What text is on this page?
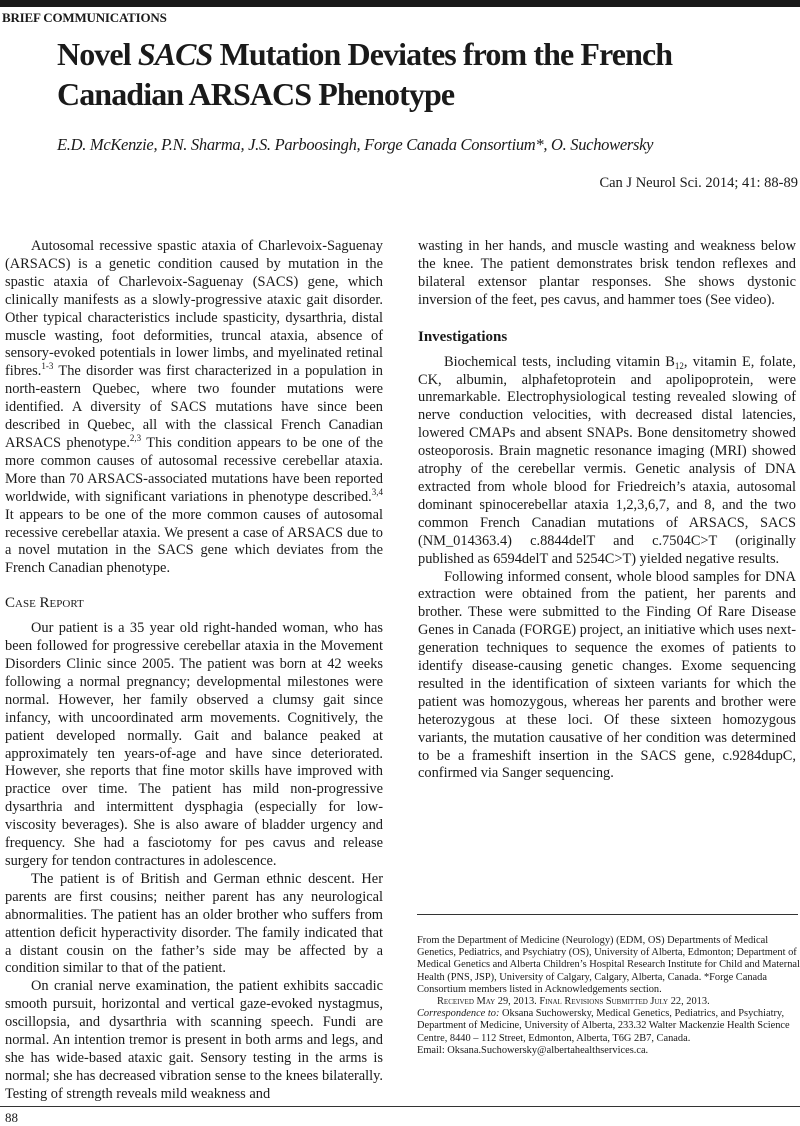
BRIEF COMMUNICATIONS
Novel SACS Mutation Deviates from the French Canadian ARSACS Phenotype
E.D. McKenzie, P.N. Sharma, J.S. Parboosingh, Forge Canada Consortium*, O. Suchowersky
Can J Neurol Sci. 2014; 41: 88-89

Autosomal recessive spastic ataxia of Charlevoix-Saguenay (ARSACS) is a genetic condition caused by mutation in the spastic ataxia of Charlevoix-Saguenay (SACS) gene, which clinically manifests as a slowly-progressive ataxic gait disorder. Other typical characteristics include spasticity, dysarthria, distal muscle wasting, foot deformities, truncal ataxia, absence of sensory-evoked potentials in lower limbs, and myelinated retinal fibres.$^{1-3}$ The disorder was first characterized in a population in north-eastern Quebec, where two founder mutations were identified. A diversity of SACS mutations have since been described in Quebec, all with the classical French Canadian ARSACS phenotype.$^{2,3}$ This condition appears to be one of the more common causes of autosomal recessive cerebellar ataxia. More than 70 ARSACS-associated mutations have been reported worldwide, with significant variations in phenotype described.$^{3,4}$ It appears to be one of the more common causes of autosomal recessive cerebellar ataxia. We present a case of ARSACS due to a novel mutation in the SACS gene which deviates from the French Canadian phenotype.

Case Report

Our patient is a 35 year old right-handed woman, who has been followed for progressive cerebellar ataxia in the Movement Disorders Clinic since 2005. The patient was born at 42 weeks following a normal pregnancy; developmental milestones were normal. However, her family observed a clumsy gait since infancy, with uncoordinated arm movements. Cognitively, the patient developed normally. Gait and balance peaked at approximately ten years-of-age and have since deteriorated. However, she reports that fine motor skills have improved with practice over time. The patient has mild non-progressive dysarthria and intermittent dysphagia (especially for low-viscosity beverages). She is also aware of bladder urgency and frequency. She had a fasciotomy for pes cavus and release surgery for tendon contractures in adolescence.

The patient is of British and German ethnic descent. Her parents are first cousins; neither parent has any neurological abnormalities. The patient has an older brother who suffers from attention deficit hyperactivity disorder. The family indicated that a distant cousin on the father’s side may be affected by a condition similar to that of the patient.

On cranial nerve examination, the patient exhibits saccadic smooth pursuit, horizontal and vertical gaze-evoked nystagmus, oscillopsia, and dysarthria with scanning speech. Fundi are normal. An intention tremor is present in both arms and legs, and she has wide-based ataxic gait. Sensory testing in the arms is normal; she has decreased vibration sense to the knees bilaterally. Testing of strength reveals mild weakness and

wasting in her hands, and muscle wasting and weakness below the knee. The patient demonstrates brisk tendon reflexes and bilateral extensor plantar responses. She shows dystonic inversion of the feet, pes cavus, and hammer toes (See video).

Investigations

Biochemical tests, including vitamin $B_{12}$, vitamin E, folate, CK, albumin, alphafetoprotein and apolipoprotein, were unremarkable. Electrophysiological testing revealed slowing of nerve conduction velocities, with decreased distal latencies, lowered CMAPs and absent SNAPs. Bone densitometry showed osteoporosis. Brain magnetic resonance imaging (MRI) showed atrophy of the cerebellar vermis. Genetic analysis of DNA extracted from whole blood for Friedreich’s ataxia, autosomal dominant spinocerebellar ataxia 1,2,3,6,7, and 8, and the two common French Canadian mutations of ARSACS, SACS (NM_014363.4) c.8844delT and c.7504C>T (originally published as 6594delT and 5254C>T) yielded negative results.

Following informed consent, whole blood samples for DNA extraction were obtained from the patient, her parents and brother. These were submitted to the Finding Of Rare Disease Genes in Canada (FORGE) project, an initiative which uses next-generation techniques to sequence the exomes of patients to identify disease-causing genetic changes. Exome sequencing resulted in the identification of sixteen variants for which the patient was homozygous, whereas her parents and brother were heterozygous at these loci. Of these sixteen homozygous variants, the mutation causative of her condition was determined to be a frameshift insertion in the SACS gene, c.9284dupC, confirmed via Sanger sequencing.

From the Department of Medicine (Neurology) (EDM, OS) Departments of Medical Genetics, Pediatrics, and Psychiatry (OS), University of Alberta, Edmonton; Department of Medical Genetics and Alberta Children’s Hospital Research Institute for Child and Maternal Health (PNS, JSP), University of Calgary, Calgary, Alberta, Canada. *Forge Canada Consortium members listed in Acknowledgements section.

Received May 29, 2013. Final Revisions Submitted July 22, 2013.

Correspondence to: Oksana Suchowersky, Medical Genetics, Pediatrics, and Psychiatry, Department of Medicine, University of Alberta, 233.32 Walter Mackenzie Health Science Centre, 8440 – 112 Street, Edmonton, Alberta, T6G 2B7, Canada.

Email: Oksana.Suchowersky@albertahealthservices.ca.

88
